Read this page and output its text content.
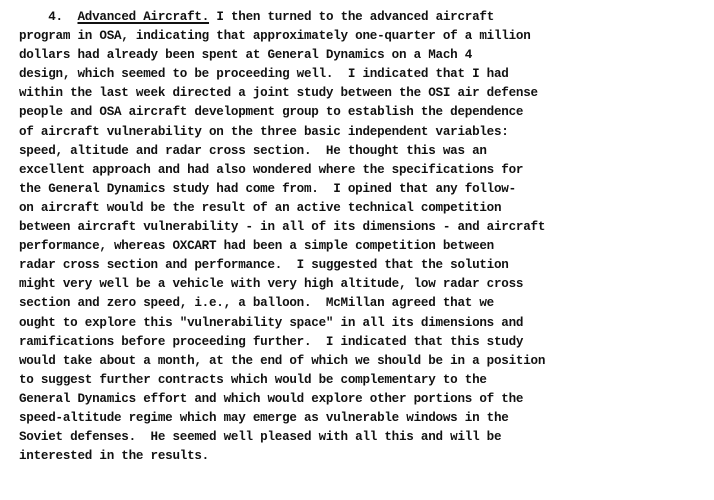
4. Advanced Aircraft. I then turned to the advanced aircraft
program in OSA, indicating that approximately one-quarter of a million
dollars had already been spent at General Dynamics on a Mach 4
design, which seemed to be proceeding well.  I indicated that I had
within the last week directed a joint study between the OSI air defense
people and OSA aircraft development group to establish the dependence
of aircraft vulnerability on the three basic independent variables:
speed, altitude and radar cross section.  He thought this was an
excellent approach and had also wondered where the specifications for
the General Dynamics study had come from.  I opined that any follow-
on aircraft would be the result of an active technical competition
between aircraft vulnerability - in all of its dimensions - and aircraft
performance, whereas OXCART had been a simple competition between
radar cross section and performance.  I suggested that the solution
might very well be a vehicle with very high altitude, low radar cross
section and zero speed, i.e., a balloon.  McMillan agreed that we
ought to explore this "vulnerability space" in all its dimensions and
ramifications before proceeding further.  I indicated that this study
would take about a month, at the end of which we should be in a position
to suggest further contracts which would be complementary to the
General Dynamics effort and which would explore other portions of the
speed-altitude regime which may emerge as vulnerable windows in the
Soviet defenses.  He seemed well pleased with all this and will be
interested in the results.
